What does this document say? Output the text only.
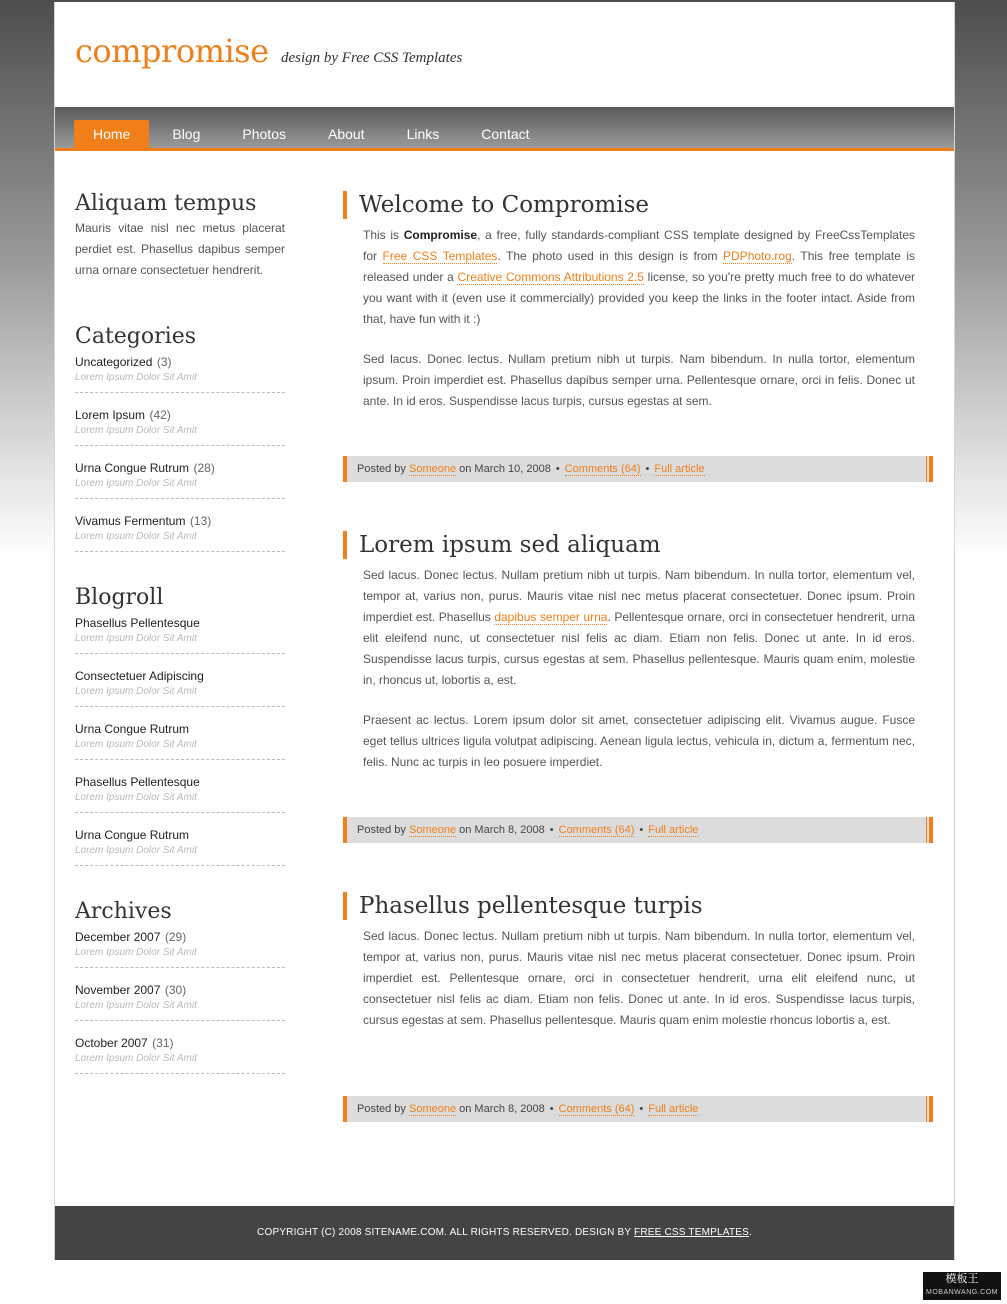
compromise design by Free CSS Templates
Home	Blog	Photos	About	Links	Contact
Aliquam tempus

Mauris vitae nisl nec metus placerat perdiet est. Phasellus dapibus semper urna ornare consectetuer hendrerit.

Categories
Uncategorized (3)
Lorem Ipsum Dolor Sit Amit
Lorem Ipsum (42)
Lorem Ipsum Dolor Sit Amit
Urna Congue Rutrum (28)
Lorem Ipsum Dolor Sit Amit
Vivamus Fermentum (13)
Lorem Ipsum Dolor Sit Amit
Blogroll
Phasellus Pellentesque
Lorem Ipsum Dolor Sit Amit
Consectetuer Adipiscing
Lorem Ipsum Dolor Sit Amit
Urna Congue Rutrum
Lorem Ipsum Dolor Sit Amit
Phasellus Pellentesque
Lorem Ipsum Dolor Sit Amit
Urna Congue Rutrum
Lorem Ipsum Dolor Sit Amit
Archives
December 2007 (29)
Lorem Ipsum Dolor Sit Amit
November 2007 (30)
Lorem Ipsum Dolor Sit Amit
October 2007 (31)
Lorem Ipsum Dolor Sit Amit
Welcome to Compromise

This is Compromise, a free, fully standards-compliant CSS template designed by FreeCssTemplates for Free CSS Templates. The photo used in this design is from PDPhoto.rog. This free template is released under a Creative Commons Attributions 2.5 license, so you're pretty much free to do whatever you want with it (even use it commercially) provided you keep the links in the footer intact. Aside from that, have fun with it :)

Sed lacus. Donec lectus. Nullam pretium nibh ut turpis. Nam bibendum. In nulla tortor, elementum ipsum. Proin imperdiet est. Phasellus dapibus semper urna. Pellentesque ornare, orci in felis. Donec ut ante. In id eros. Suspendisse lacus turpis, cursus egestas at sem.

Posted by Someone on March 10, 2008 • Comments (64) • Full article
Lorem ipsum sed aliquam

Sed lacus. Donec lectus. Nullam pretium nibh ut turpis. Nam bibendum. In nulla tortor, elementum vel, tempor at, varius non, purus. Mauris vitae nisl nec metus placerat consectetuer. Donec ipsum. Proin imperdiet est. Phasellus dapibus semper urna. Pellentesque ornare, orci in consectetuer hendrerit, urna elit eleifend nunc, ut consectetuer nisl felis ac diam. Etiam non felis. Donec ut ante. In id eros. Suspendisse lacus turpis, cursus egestas at sem. Phasellus pellentesque. Mauris quam enim, molestie in, rhoncus ut, lobortis a, est.

Praesent ac lectus. Lorem ipsum dolor sit amet, consectetuer adipiscing elit. Vivamus augue. Fusce eget tellus ultrices ligula volutpat adipiscing. Aenean ligula lectus, vehicula in, dictum a, fermentum nec, felis. Nunc ac turpis in leo posuere imperdiet.

Posted by Someone on March 8, 2008 • Comments (64) • Full article
Phasellus pellentesque turpis

Sed lacus. Donec lectus. Nullam pretium nibh ut turpis. Nam bibendum. In nulla tortor, elementum vel, tempor at, varius non, purus. Mauris vitae nisl nec metus placerat consectetuer. Donec ipsum. Proin imperdiet est. Pellentesque ornare, orci in consectetuer hendrerit, urna elit eleifend nunc, ut consectetuer nisl felis ac diam. Etiam non felis. Donec ut ante. In id eros. Suspendisse lacus turpis, cursus egestas at sem. Phasellus pellentesque. Mauris quam enim molestie rhoncus lobortis a, est.

Posted by Someone on March 8, 2008 • Comments (64) • Full article
COPYRIGHT (C) 2008 SITENAME.COM. ALL RIGHTS RESERVED. DESIGN BY FREE CSS TEMPLATES.
模板王
MOBANWANG.COM
